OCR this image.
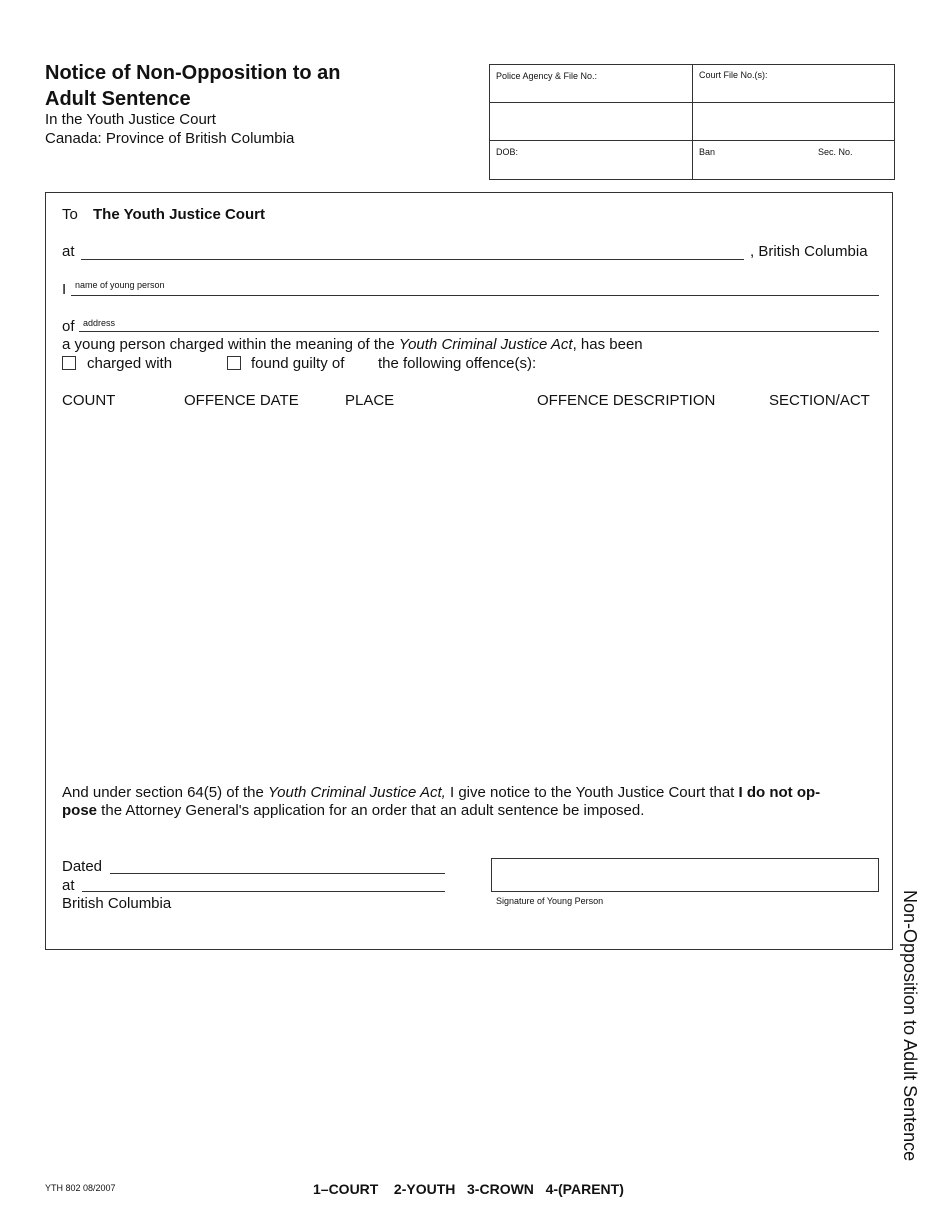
Notice of Non-Opposition to an
Adult Sentence
In the Youth Justice Court
Canada: Province of British Columbia
Police Agency & File No.:	Court File No.(s):
DOB:	Ban	Sec. No.
To The Youth Justice Court
at	, British Columbia
I name of young person
of address
a young person charged within the meaning of the Youth Criminal Justice Act, has been
charged with	found guilty of the following offence(s):
COUNT	OFFENCE DATE	PLACE	OFFENCE DESCRIPTION	SECTION/ACT
And under section 64(5) of the Youth Criminal Justice Act, I give notice to the Youth Justice Court that I do not op-
pose the Attorney General's application for an order that an adult sentence be imposed.
Dated
at
British Columbia	Signature of Young Person	Non-Opposition to Adult Sentence
YTH 802 08/2007	1–COURT    2-YOUTH   3-CROWN   4-(PARENT)
